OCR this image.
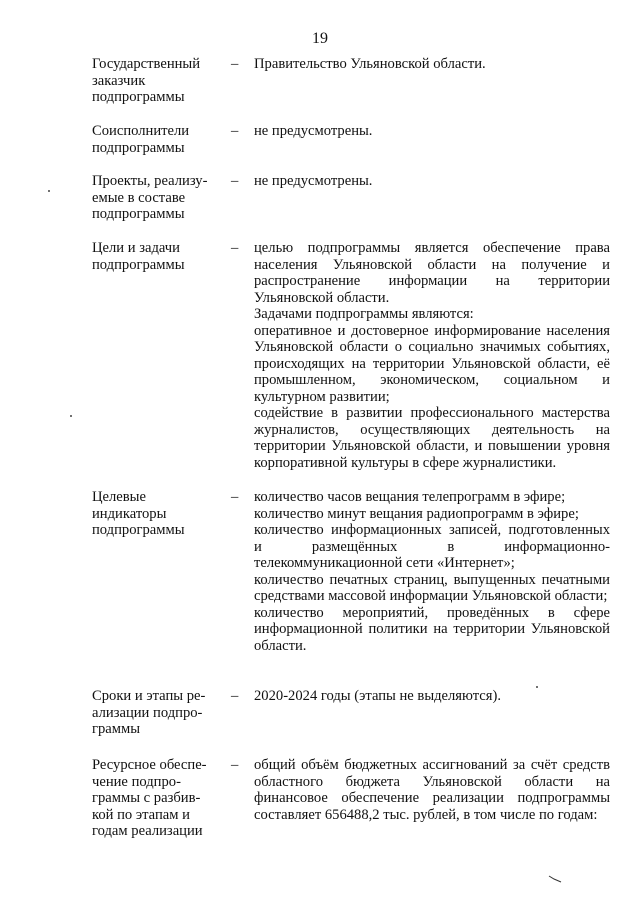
19
Государственный
заказчик
подпрограммы
– Правительство Ульяновской области.

Соисполнители
подпрограммы
– не предусмотрены.

Проекты, реализу-
емые в составе
подпрограммы
– не предусмотрены.

Цели и задачи
подпрограммы
– целью подпрограммы является обеспечение права населения Ульяновской области на получение и распространение информации на территории Ульяновской области.

Задачами подпрограммы являются:

оперативное и достоверное информирование населения Ульяновской области о социально значимых событиях, происходящих на территории Ульяновской области, её промышленном, экономическом, социальном и культурном развитии;

содействие в развитии профессионального мастерства журналистов, осуществляющих деятельность на территории Ульяновской области, и повышении уровня корпоративной культуры в сфере журналистики.

Целевые
индикаторы
подпрограммы
– количество часов вещания телепрограмм в эфире;

количество минут вещания радиопрограмм в эфире;

количество информационных записей, подготовленных и размещённых в информационно-телекоммуникационной сети «Интернет»;

количество печатных страниц, выпущенных печатными средствами массовой информации Ульяновской области;

количество мероприятий, проведённых в сфере информационной политики на территории Ульяновской области.

Сроки и этапы ре-
ализации подпро-
граммы
– 2020-2024 годы (этапы не выделяются).

Ресурсное обеспе-
чение подпро-
граммы с разбив-
кой по этапам и
годам реализации
– общий объём бюджетных ассигнований за счёт средств областного бюджета Ульяновской области на финансовое обеспечение реализации подпрограммы составляет 656488,2 тыс. рублей, в том числе по годам:
